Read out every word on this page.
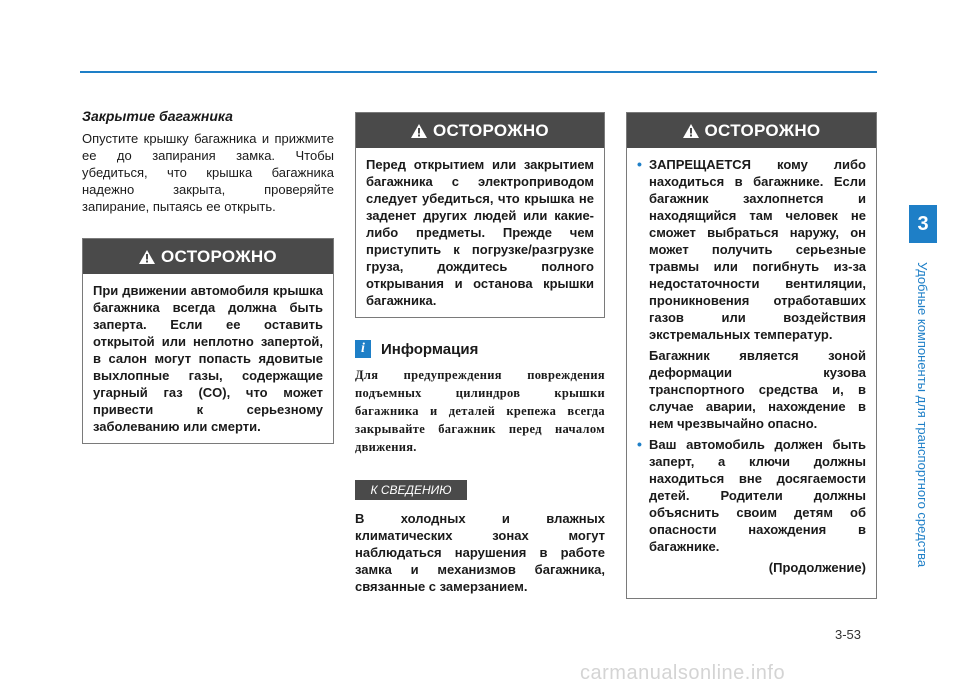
3
Удобные компоненты для транспортного средства
Закрытие багажника

Опустите крышку багажника и прижмите ее до запирания замка. Чтобы убедиться, что крышка багажника надежно закрыта, проверяйте запирание, пытаясь ее открыть.

ОСТОРОЖНО

При движении автомобиля крышка багажника всегда должна быть заперта. Если ее оставить открытой или неплотно запертой, в салон могут попасть ядовитые выхлопные газы, содержащие угарный газ (CO), что может привести к серьезному заболеванию или смерти.

ОСТОРОЖНО

Перед открытием или закрытием багажника с электроприводом следует убедиться, что крышка не заденет других людей или какие-либо предметы. Прежде чем приступить к погрузке/разгрузке груза, дождитесь полного открывания и останова крышки багажника.

i	Информация

Для предупреждения повреждения подъемных цилиндров крышки багажника и деталей крепежа всегда закрывайте багажник перед началом движения.

К СВЕДЕНИЮ

В холодных и влажных климатических зонах могут наблюдаться нарушения в работе замка и механизмов багажника, связанные с замерзанием.

ОСТОРОЖНО

• ЗАПРЕЩАЕТСЯ кому либо находиться в багажнике. Если багажник захлопнется и находящийся там человек не сможет выбраться наружу, он может получить серьезные травмы или погибнуть из-за недостаточности вентиляции, проникновения отработавших газов или воздействия экстремальных температур.

Багажник является зоной деформации кузова транспортного средства и, в случае аварии, нахождение в нем чрезвычайно опасно.

• Ваш автомобиль должен быть заперт, а ключи должны находиться вне досягаемости детей. Родители должны объяснить своим детям об опасности нахождения в багажнике.

(Продолжение)

3-53
carmanualsonline.info
